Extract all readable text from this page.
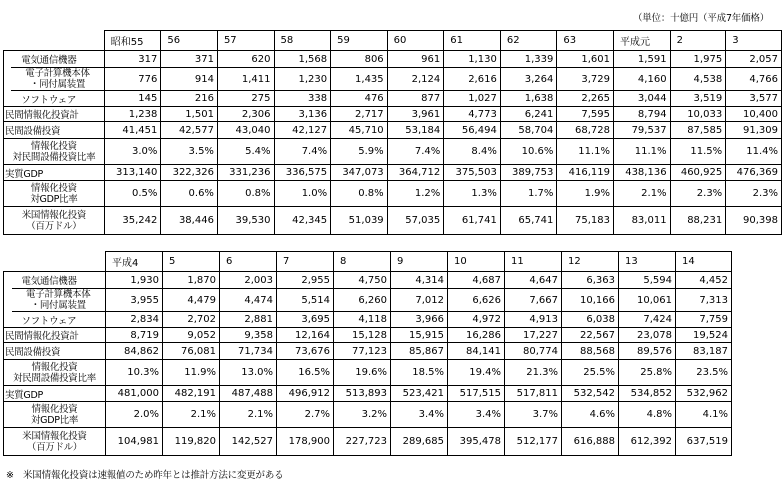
（単位：十億円（平成7年価格）
		昭和55	56	57	58	59	60	61	62	63	平成元	2	3
	電気通信機器	317	371	620	1,568	806	961	1,130	1,339	1,601	1,591	1,975	2,057
	電子計算機本体
・同付属装置	776	914	1,411	1,230	1,435	2,124	2,616	3,264	3,729	4,160	4,538	4,766
	ソフトウェア	145	216	275	338	476	877	1,027	1,638	2,265	3,044	3,519	3,577
民間情報化投資計		1,238	1,501	2,306	3,136	2,717	3,961	4,773	6,241	7,595	8,794	10,033	10,400
民間設備投資		41,451	42,577	43,040	42,127	45,710	53,184	56,494	58,704	68,728	79,537	87,585	91,309
情報化投資
対民間設備投資比率		3.0%	3.5%	5.4%	7.4%	5.9%	7.4%	8.4%	10.6%	11.1%	11.1%	11.5%	11.4%
実質GDP		313,140	322,326	331,236	336,575	347,073	364,712	375,503	389,753	416,119	438,136	460,925	476,369
情報化投資
対GDP比率		0.5%	0.6%	0.8%	1.0%	0.8%	1.2%	1.3%	1.7%	1.9%	2.1%	2.3%	2.3%
米国情報化投資
（百万ドル）		35,242	38,446	39,530	42,345	51,039	57,035	61,741	65,741	75,183	83,011	88,231	90,398
		平成4	5	6	7	8	9	10	11	12	13	14
	電気通信機器	1,930	1,870	2,003	2,955	4,750	4,314	4,687	4,647	6,363	5,594	4,452
	電子計算機本体
・同付属装置	3,955	4,479	4,474	5,514	6,260	7,012	6,626	7,667	10,166	10,061	7,313
	ソフトウェア	2,834	2,702	2,881	3,695	4,118	3,966	4,972	4,913	6,038	7,424	7,759
民間情報化投資計		8,719	9,052	9,358	12,164	15,128	15,915	16,286	17,227	22,567	23,078	19,524
民間設備投資		84,862	76,081	71,734	73,676	77,123	85,867	84,141	80,774	88,568	89,576	83,187
情報化投資
対民間設備投資比率		10.3%	11.9%	13.0%	16.5%	19.6%	18.5%	19.4%	21.3%	25.5%	25.8%	23.5%
実質GDP		481,000	482,191	487,488	496,912	513,893	523,421	517,515	517,811	532,542	534,852	532,962
情報化投資
対GDP比率		2.0%	2.1%	2.1%	2.7%	3.2%	3.4%	3.4%	3.7%	4.6%	4.8%	4.1%
米国情報化投資
（百万ドル）		104,981	119,820	142,527	178,900	227,723	289,685	395,478	512,177	616,888	612,392	637,519
※　米国情報化投資は速報値のため昨年とは推計方法に変更がある
